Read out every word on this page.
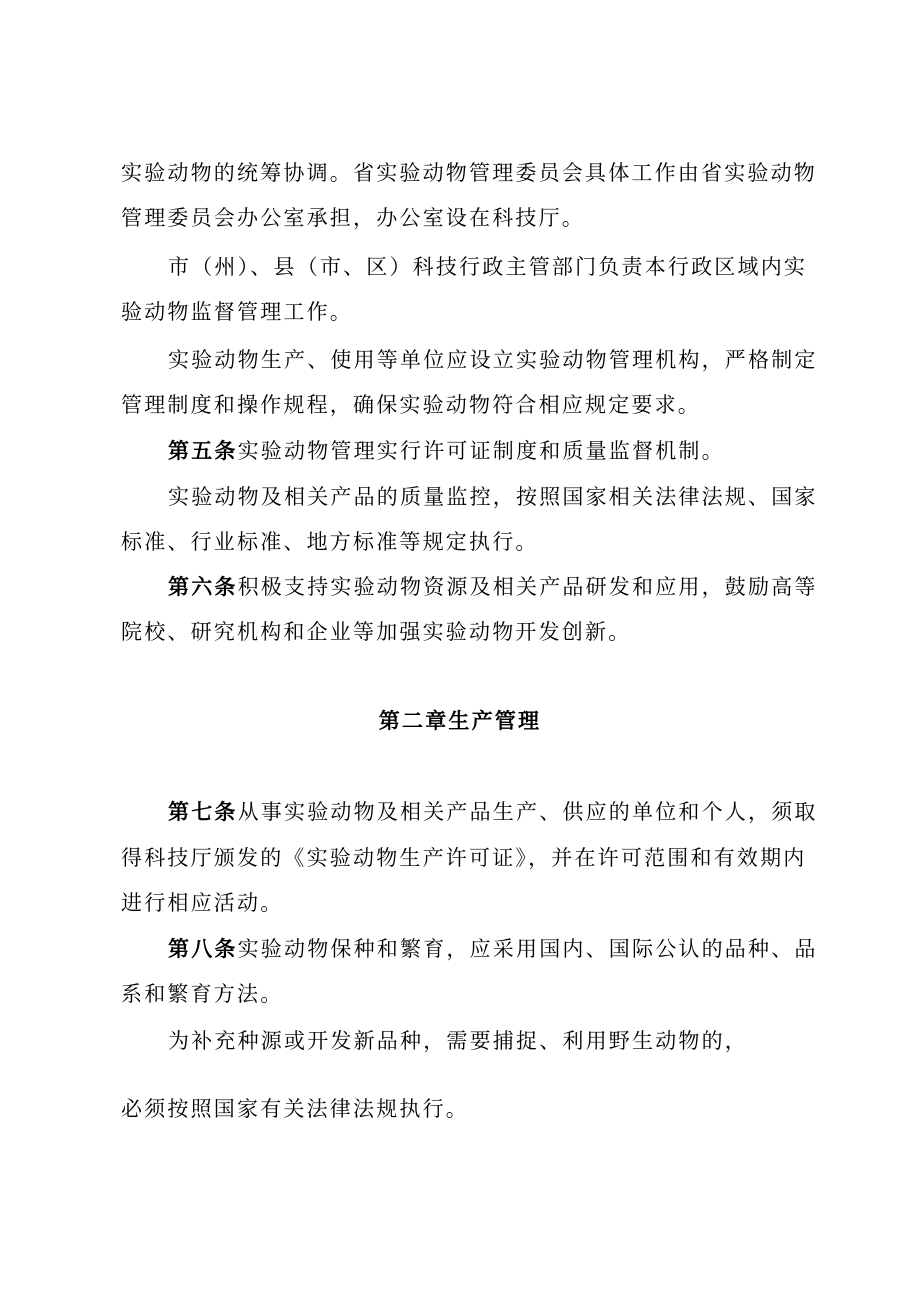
实验动物的统筹协调。省实验动物管理委员会具体工作由省实验动物
管理委员会办公室承担，办公室设在科技厅。
市（州）、县（市、区）科技行政主管部门负责本行政区域内实
验动物监督管理工作。
实验动物生产、使用等单位应设立实验动物管理机构，严格制定
管理制度和操作规程，确保实验动物符合相应规定要求。
第五条实验动物管理实行许可证制度和质量监督机制。
实验动物及相关产品的质量监控，按照国家相关法律法规、国家
标准、行业标准、地方标准等规定执行。
第六条积极支持实验动物资源及相关产品研发和应用，鼓励高等
院校、研究机构和企业等加强实验动物开发创新。
第二章生产管理
第七条从事实验动物及相关产品生产、供应的单位和个人，须取
得科技厅颁发的《实验动物生产许可证》，并在许可范围和有效期内
进行相应活动。
第八条实验动物保种和繁育，应采用国内、国际公认的品种、品
系和繁育方法。
为补充种源或开发新品种，需要捕捉、利用野生动物的，
必须按照国家有关法律法规执行。
